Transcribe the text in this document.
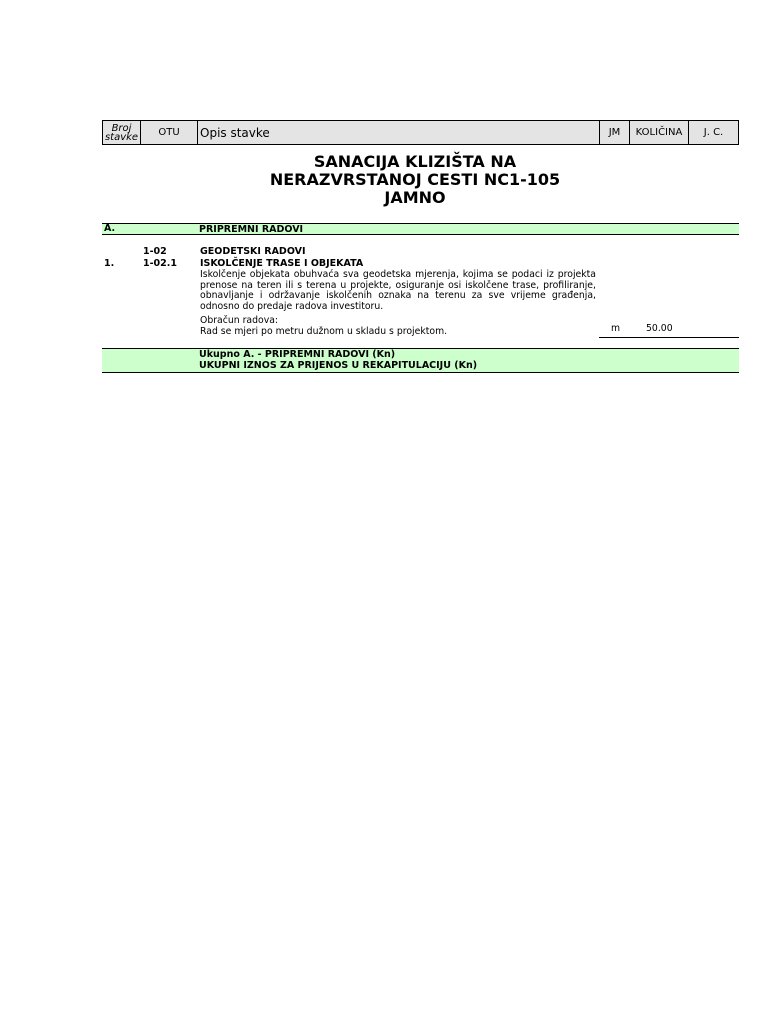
Broj
stavke	OTU	Opis stavke	JM	KOLIČINA	J. C.
SANACIJA KLIZIŠTA NA
NERAZVRSTANOJ CESTI NC1-105
JAMNO
A.	PRIPREMNI RADOVI
1-02	GEODETSKI RADOVI
1.	1-02.1 ISKOLČENJE TRASE I OBJEKATA
Iskolčenje objekata obuhvaća sva geodetska mjerenja, kojima se podaci iz projekta prenose na teren ili s terena u projekte, osiguranje osi iskolčene trase, profiliranje, obnavljanje i održavanje iskolčenih oznaka na terenu za sve vrijeme građenja, odnosno do predaje radova investitoru.
Obračun radova:
Rad se mjeri po metru dužnom u skladu s projektom.	m	50.00
Ukupno A. - PRIPREMNI RADOVI (Kn)
UKUPNI IZNOS ZA PRIJENOS U REKAPITULACIJU (Kn)
